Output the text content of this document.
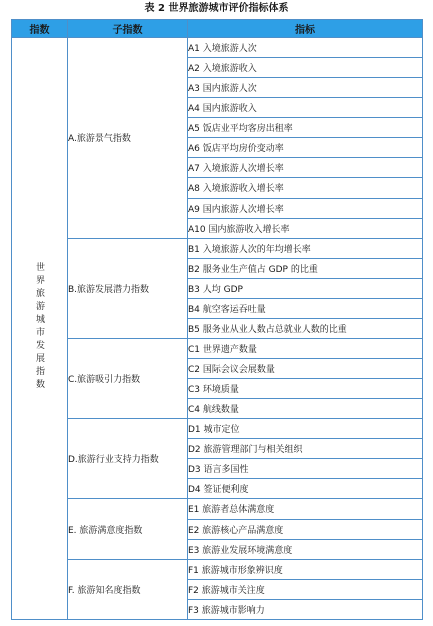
表 2 世界旅游城市评价指标体系
指数	子指数	指标
世界旅游城市发展指数	A.旅游景气指数	A1 入境旅游人次
		A2 入境旅游收入
		A3 国内旅游人次
		A4 国内旅游收入
		A5 饭店业平均客房出租率
		A6 饭店平均房价变动率
		A7 入境旅游人次增长率
		A8 入境旅游收入增长率
		A9 国内旅游人次增长率
		A10 国内旅游收入增长率
	B.旅游发展潜力指数	B1 入境旅游人次的年均增长率
		B2 服务业生产值占 GDP 的比重
		B3 人均 GDP
		B4 航空客运吞吐量
		B5 服务业从业人数占总就业人数的比重
	C.旅游吸引力指数	C1 世界遗产数量
		C2 国际会议会展数量
		C3 环境质量
		C4 航线数量
	D.旅游行业支持力指数	D1 城市定位
		D2 旅游管理部门与相关组织
		D3 语言多国性
		D4 签证便利度
	E. 旅游满意度指数	E1 旅游者总体满意度
		E2 旅游核心产品满意度
		E3 旅游业发展环境满意度
	F. 旅游知名度指数	F1 旅游城市形象辨识度
		F2 旅游城市关注度
		F3 旅游城市影响力
